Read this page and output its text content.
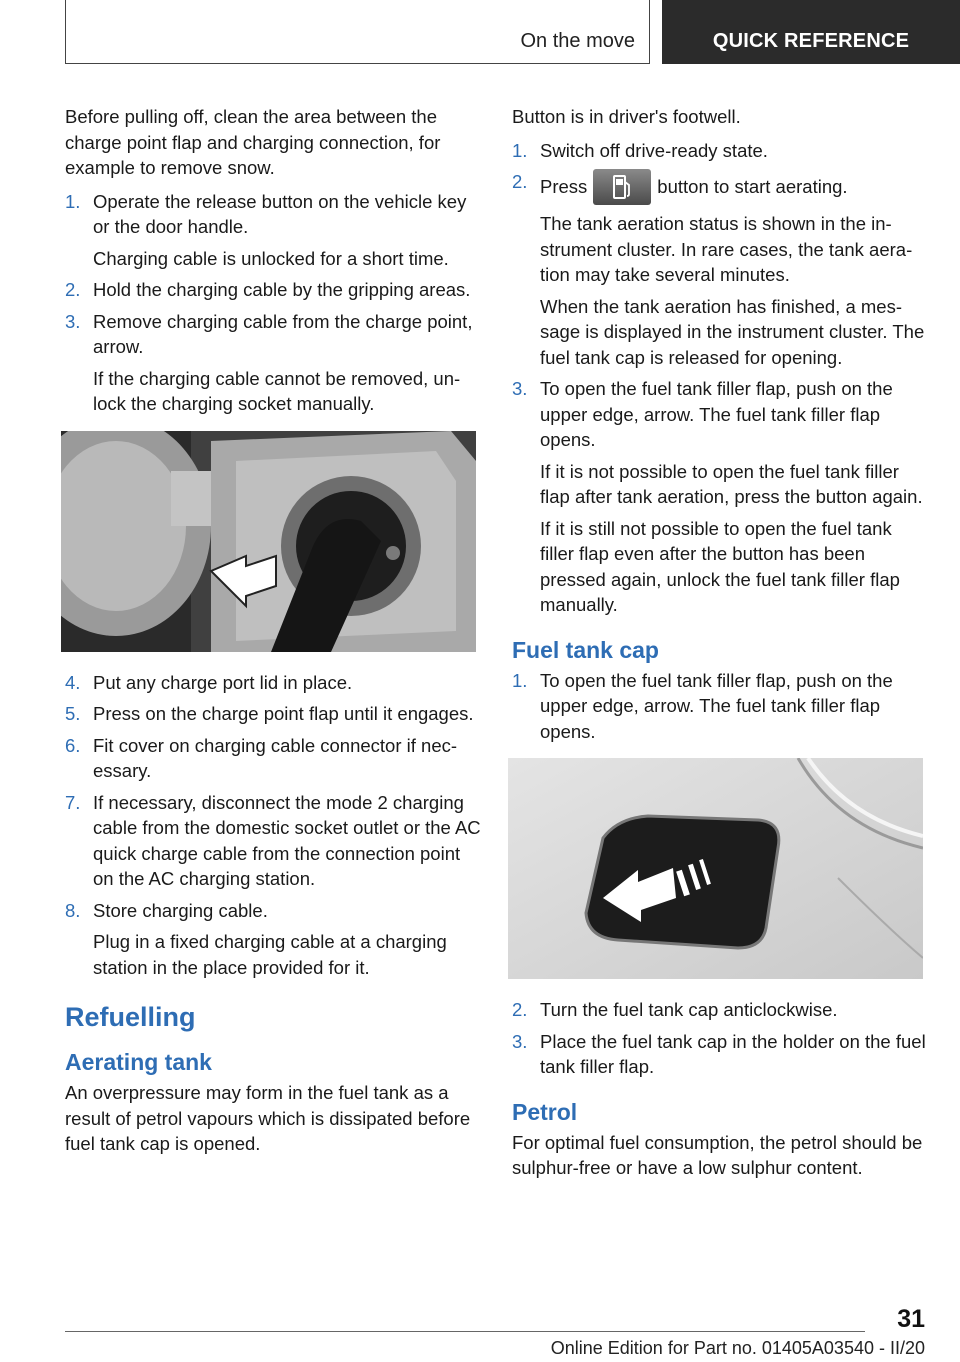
On the move	QUICK REFERENCE

Before pulling off, clean the area between the charge point flap and charging connection, for example to remove snow.

1. Operate the release button on the vehicle key or the door handle.
Charging cable is unlocked for a short time.
2. Hold the charging cable by the gripping areas.
3. Remove charging cable from the charge point, arrow.
If the charging cable cannot be removed, unlock the charging socket manually.
4. Put any charge port lid in place.
5. Press on the charge point flap until it engages.
6. Fit cover on charging cable connector if necessary.
7. If necessary, disconnect the mode 2 charging cable from the domestic socket outlet or the AC quick charge cable from the connection point on the AC charging station.
8. Store charging cable.
Plug in a fixed charging cable at a charging station in the place provided for it.
Refuelling
Aerating tank

An overpressure may form in the fuel tank as a result of petrol vapours which is dissipated before fuel tank cap is opened.

Button is in driver's footwell.

1. Switch off drive-ready state.
2. Press	button to start aerating.
The tank aeration status is shown in the instrument cluster. In rare cases, the tank aeration may take several minutes.
When the tank aeration has finished, a message is displayed in the instrument cluster. The fuel tank cap is released for opening.
3. To open the fuel tank filler flap, push on the upper edge, arrow. The fuel tank filler flap opens.
If it is not possible to open the fuel tank filler flap after tank aeration, press the button again.
If it is still not possible to open the fuel tank filler flap even after the button has been pressed again, unlock the fuel tank filler flap manually.
Fuel tank cap
1. To open the fuel tank filler flap, push on the upper edge, arrow. The fuel tank filler flap opens.
2. Turn the fuel tank cap anticlockwise.
3. Place the fuel tank cap in the holder on the fuel tank filler flap.
Petrol

For optimal fuel consumption, the petrol should be sulphur-free or have a low sulphur content.

31
Online Edition for Part no. 01405A03540 - II/20
